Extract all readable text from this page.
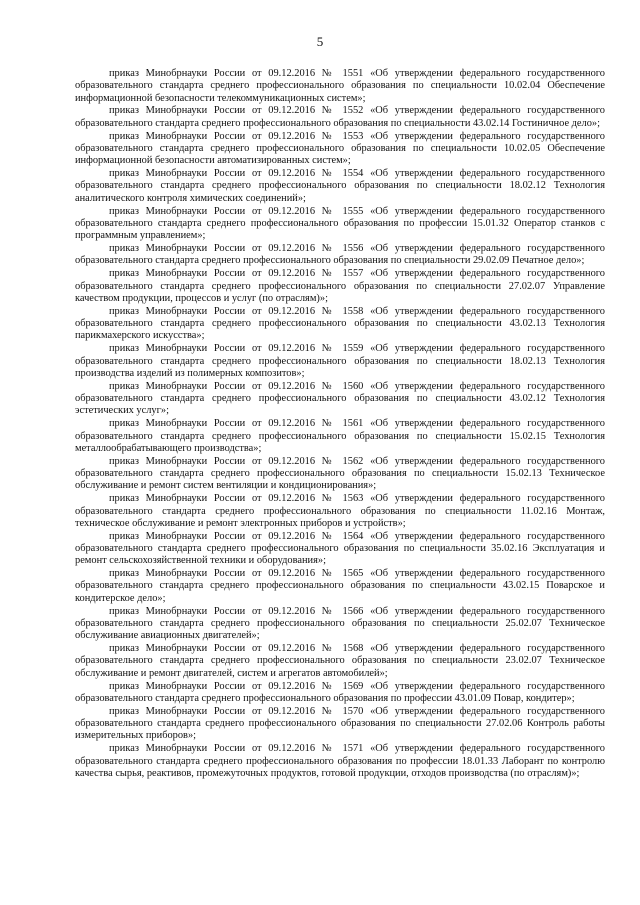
5

приказ Минобрнауки России от 09.12.2016 № 1551 «Об утверждении федерального государственного образовательного стандарта среднего профессионального образования по специальности 10.02.04 Обеспечение информационной безопасности телекоммуникационных систем»;

приказ Минобрнауки России от 09.12.2016 № 1552 «Об утверждении федерального государственного образовательного стандарта среднего профессионального образования по специальности 43.02.14 Гостиничное дело»;

приказ Минобрнауки России от 09.12.2016 № 1553 «Об утверждении федерального государственного образовательного стандарта среднего профессионального образования по специальности 10.02.05 Обеспечение информационной безопасности автоматизированных систем»;

приказ Минобрнауки России от 09.12.2016 № 1554 «Об утверждении федерального государственного образовательного стандарта среднего профессионального образования по специальности 18.02.12 Технология аналитического контроля химических соединений»;

приказ Минобрнауки России от 09.12.2016 № 1555 «Об утверждении федерального государственного образовательного стандарта среднего профессионального образования по профессии 15.01.32 Оператор станков с программным управлением»;

приказ Минобрнауки России от 09.12.2016 № 1556 «Об утверждении федерального государственного образовательного стандарта среднего профессионального образования по специальности 29.02.09 Печатное дело»;

приказ Минобрнауки России от 09.12.2016 № 1557 «Об утверждении федерального государственного образовательного стандарта среднего профессионального образования по специальности 27.02.07 Управление качеством продукции, процессов и услуг (по отраслям)»;

приказ Минобрнауки России от 09.12.2016 № 1558 «Об утверждении федерального государственного образовательного стандарта среднего профессионального образования по специальности 43.02.13 Технология парикмахерского искусства»;

приказ Минобрнауки России от 09.12.2016 № 1559 «Об утверждении федерального государственного образовательного стандарта среднего профессионального образования по специальности 18.02.13 Технология производства изделий из полимерных композитов»;

приказ Минобрнауки России от 09.12.2016 № 1560 «Об утверждении федерального государственного образовательного стандарта среднего профессионального образования по специальности 43.02.12 Технология эстетических услуг»;

приказ Минобрнауки России от 09.12.2016 № 1561 «Об утверждении федерального государственного образовательного стандарта среднего профессионального образования по специальности 15.02.15 Технология металлообрабатывающего производства»;

приказ Минобрнауки России от 09.12.2016 № 1562 «Об утверждении федерального государственного образовательного стандарта среднего профессионального образования по специальности 15.02.13 Техническое обслуживание и ремонт систем вентиляции и кондиционирования»;

приказ Минобрнауки России от 09.12.2016 № 1563 «Об утверждении федерального государственного образовательного стандарта среднего профессионального образования по специальности 11.02.16 Монтаж, техническое обслуживание и ремонт электронных приборов и устройств»;

приказ Минобрнауки России от 09.12.2016 № 1564 «Об утверждении федерального государственного образовательного стандарта среднего профессионального образования по специальности 35.02.16 Эксплуатация и ремонт сельскохозяйственной техники и оборудования»;

приказ Минобрнауки России от 09.12.2016 № 1565 «Об утверждении федерального государственного образовательного стандарта среднего профессионального образования по специальности 43.02.15 Поварское и кондитерское дело»;

приказ Минобрнауки России от 09.12.2016 № 1566 «Об утверждении федерального государственного образовательного стандарта среднего профессионального образования по специальности 25.02.07 Техническое обслуживание авиационных двигателей»;

приказ Минобрнауки России от 09.12.2016 № 1568 «Об утверждении федерального государственного образовательного стандарта среднего профессионального образования по специальности 23.02.07 Техническое обслуживание и ремонт двигателей, систем и агрегатов автомобилей»;

приказ Минобрнауки России от 09.12.2016 № 1569 «Об утверждении федерального государственного образовательного стандарта среднего профессионального образования по профессии 43.01.09 Повар, кондитер»;

приказ Минобрнауки России от 09.12.2016 № 1570 «Об утверждении федерального государственного образовательного стандарта среднего профессионального образования по специальности 27.02.06 Контроль работы измерительных приборов»;

приказ Минобрнауки России от 09.12.2016 № 1571 «Об утверждении федерального государственного образовательного стандарта среднего профессионального образования по профессии 18.01.33 Лаборант по контролю качества сырья, реактивов, промежуточных продуктов, готовой продукции, отходов производства (по отраслям)»;
